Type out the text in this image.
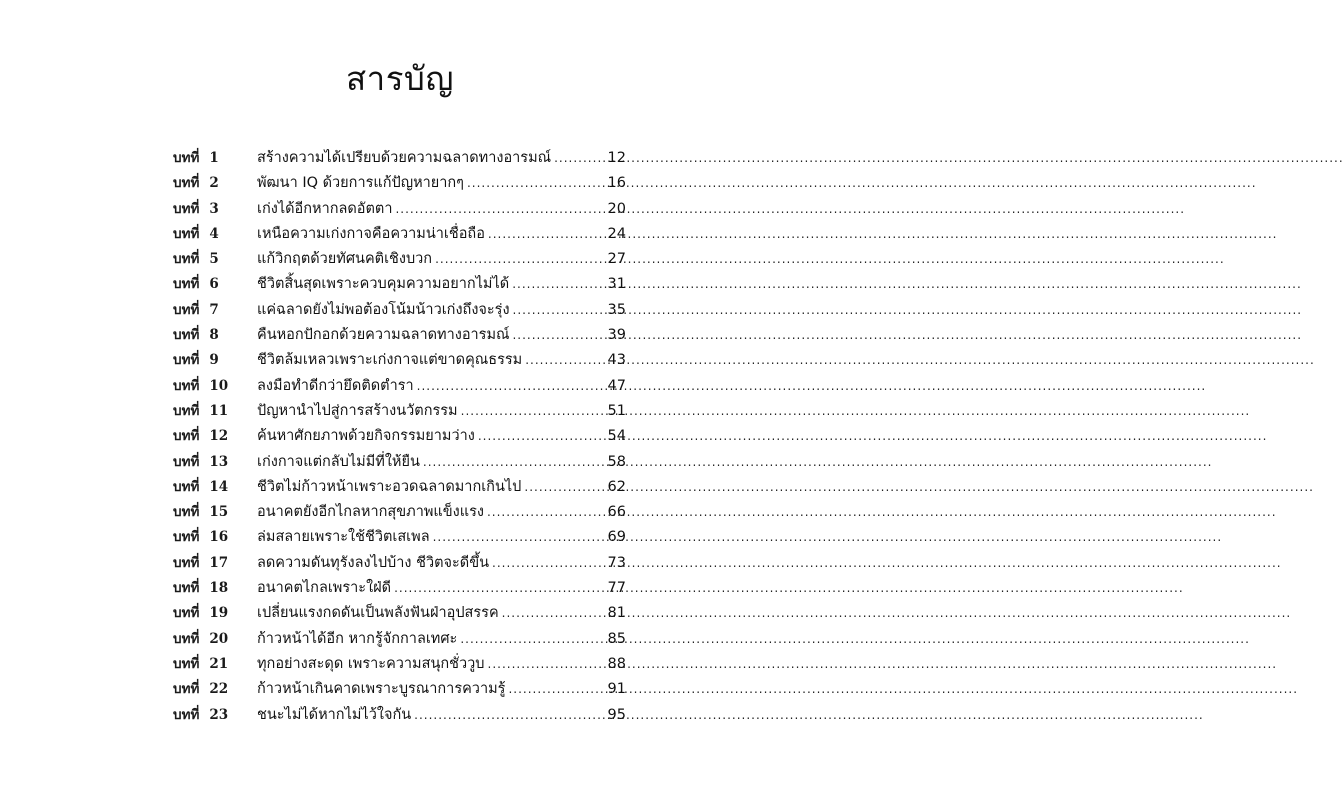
สารบัญ
บทที่ 1	สร้างความได้เปรียบด้วยความฉลาดทางอารมณ์ .....	12
บทที่ 2	พัฒนา IQ ด้วยการแก้ปัญหายากๆ .....	16
บทที่ 3	เก่งได้อีกหากลดอัตตา .....	20
บทที่ 4	เหนือความเก่งกาจคือความน่าเชื่อถือ .....	24
บทที่ 5	แก้วิกฤตด้วยทัศนคติเชิงบวก .....	27
บทที่ 6	ชีวิตสิ้นสุดเพราะควบคุมความอยากไม่ได้ .....	31
บทที่ 7	แค่ฉลาดยังไม่พอต้องโน้มน้าวเก่งถึงจะรุ่ง .....	35
บทที่ 8	คืนหอกปักอกด้วยความฉลาดทางอารมณ์ .....	39
บทที่ 9	ชีวิตล้มเหลวเพราะเก่งกาจแต่ขาดคุณธรรม .....	43
บทที่ 10	ลงมือทำดีกว่ายึดติดตำรา .....	47
บทที่ 11	ปัญหานำไปสู่การสร้างนวัตกรรม .....	51
บทที่ 12	ค้นหาศักยภาพด้วยกิจกรรมยามว่าง .....	54
บทที่ 13	เก่งกาจแต่กลับไม่มีที่ให้ยืน .....	58
บทที่ 14	ชีวิตไม่ก้าวหน้าเพราะอวดฉลาดมากเกินไป .....	62
บทที่ 15	อนาคตยังอีกไกลหากสุขภาพแข็งแรง .....	66
บทที่ 16	ล่มสลายเพราะใช้ชีวิตเสเพล .....	69
บทที่ 17	ลดความดันทุรังลงไปบ้าง ชีวิตจะดีขึ้น .....	73
บทที่ 18	อนาคตไกลเพราะใฝ่ดี .....	77
บทที่ 19	เปลี่ยนแรงกดดันเป็นพลังฟันฝ่าอุปสรรค .....	81
บทที่ 20	ก้าวหน้าได้อีก หากรู้จักกาลเทศะ .....	85
บทที่ 21	ทุกอย่างสะดุด เพราะความสนุกชั่ววูบ .....	88
บทที่ 22	ก้าวหน้าเกินคาดเพราะบูรณาการความรู้ .....	91
บทที่ 23	ชนะไม่ได้หากไม่ไว้ใจกัน .....	95
